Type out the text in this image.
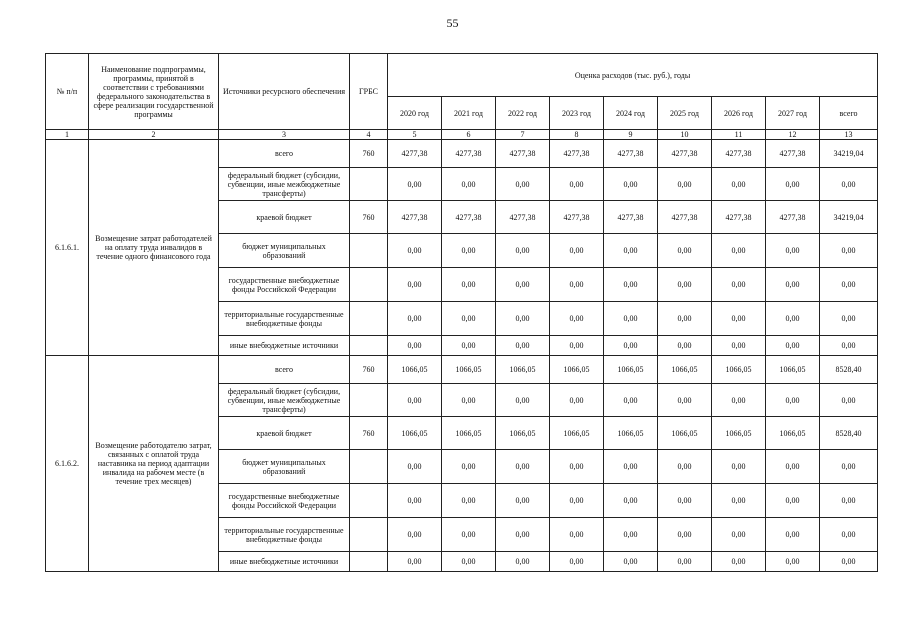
55
№ п/п	Наименование подпрограммы, программы, принятой в соответствии с требованиями федерального законодательства в сфере реализации государственной программы	Источники ресурсного обеспечения	ГРБС	Оценка расходов (тыс. руб.), годы								
				2020 год	2021 год	2022 год	2023 год	2024 год	2025 год	2026 год	2027 год	всего
1	2	3	4	5	6	7	8	9	10	11	12	13
6.1.6.1.	Возмещение затрат работодателей на оплату труда инвалидов в течение одного финансового года	всего	760	4277,38	4277,38	4277,38	4277,38	4277,38	4277,38	4277,38	4277,38	34219,04
		федеральный бюджет (субсидии, субвенции, иные межбюджетные трансферты)		0,00	0,00	0,00	0,00	0,00	0,00	0,00	0,00	0,00
		краевой бюджет	760	4277,38	4277,38	4277,38	4277,38	4277,38	4277,38	4277,38	4277,38	34219,04
		бюджет муниципальных образований		0,00	0,00	0,00	0,00	0,00	0,00	0,00	0,00	0,00
		государственные внебюджетные фонды Российской Федерации		0,00	0,00	0,00	0,00	0,00	0,00	0,00	0,00	0,00
		территориальные государственные внебюджетные фонды		0,00	0,00	0,00	0,00	0,00	0,00	0,00	0,00	0,00
		иные внебюджетные источники		0,00	0,00	0,00	0,00	0,00	0,00	0,00	0,00	0,00
6.1.6.2.	Возмещение работодателю затрат, связанных с оплатой труда наставника на период адаптации инвалида на рабочем месте (в течение трех месяцев)	всего	760	1066,05	1066,05	1066,05	1066,05	1066,05	1066,05	1066,05	1066,05	8528,40
		федеральный бюджет (субсидии, субвенции, иные межбюджетные трансферты)		0,00	0,00	0,00	0,00	0,00	0,00	0,00	0,00	0,00
		краевой бюджет	760	1066,05	1066,05	1066,05	1066,05	1066,05	1066,05	1066,05	1066,05	8528,40
		бюджет муниципальных образований		0,00	0,00	0,00	0,00	0,00	0,00	0,00	0,00	0,00
		государственные внебюджетные фонды Российской Федерации		0,00	0,00	0,00	0,00	0,00	0,00	0,00	0,00	0,00
		территориальные государственные внебюджетные фонды		0,00	0,00	0,00	0,00	0,00	0,00	0,00	0,00	0,00
		иные внебюджетные источники		0,00	0,00	0,00	0,00	0,00	0,00	0,00	0,00	0,00
